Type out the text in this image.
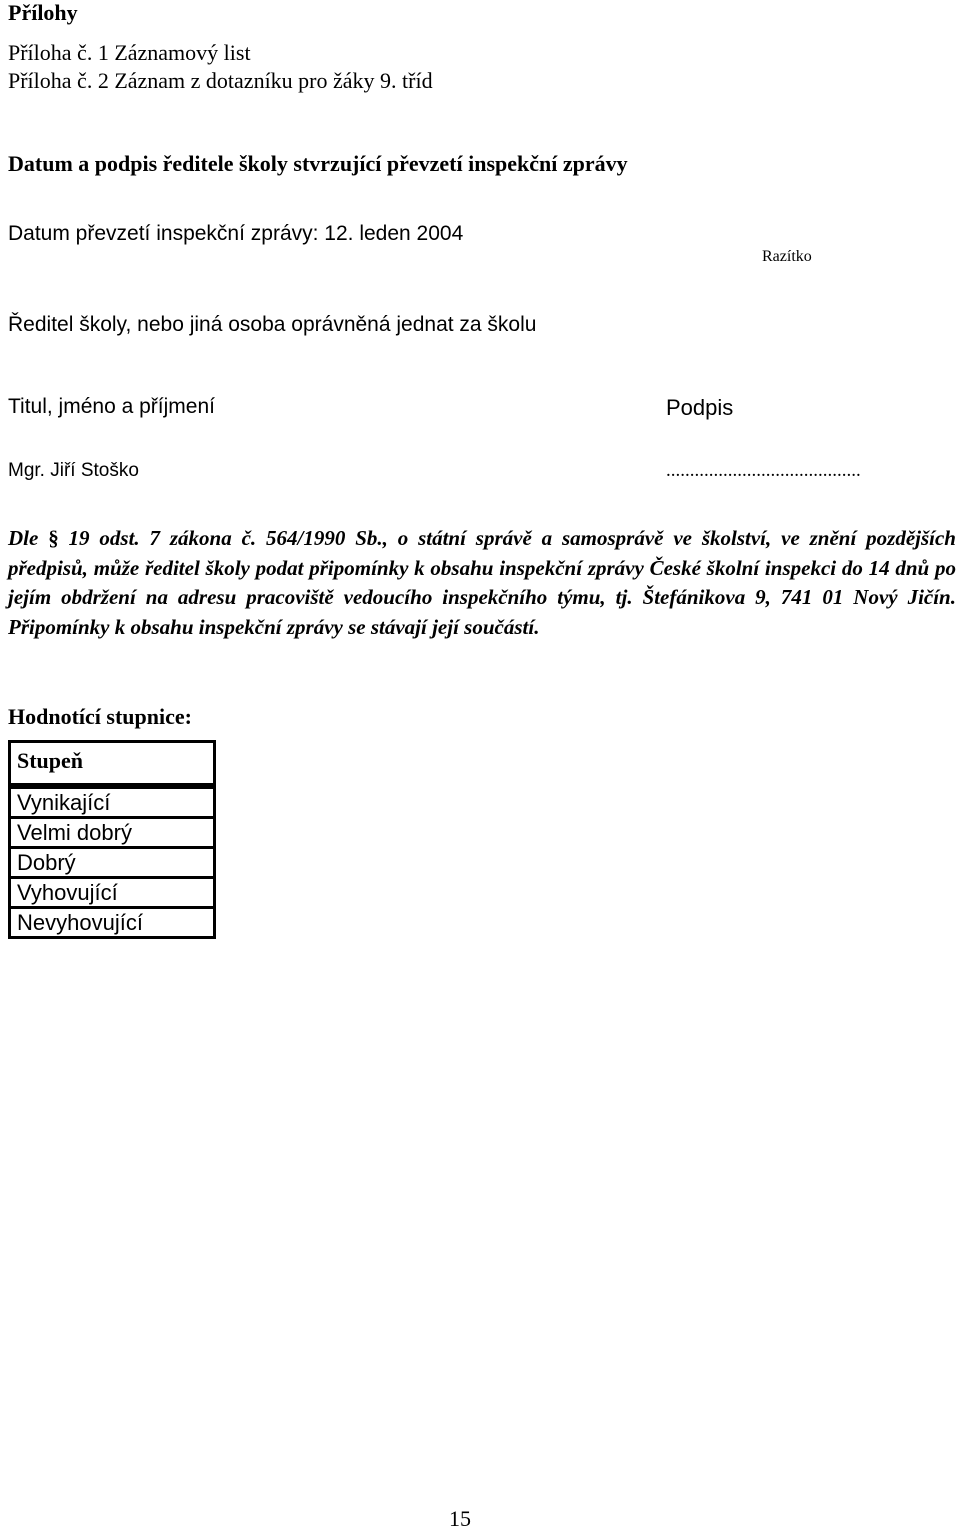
Přílohy
Příloha č. 1 Záznamový list
Příloha č. 2 Záznam z dotazníku pro žáky 9. tříd
Datum a podpis ředitele školy stvrzující převzetí inspekční zprávy
Datum převzetí inspekční zprávy: 12. leden 2004
Razítko
Ředitel školy, nebo jiná osoba oprávněná jednat za školu
Titul, jméno a příjmení	Podpis
Mgr. Jiří Stoško	.........................................

Dle § 19 odst. 7 zákona č. 564/1990 Sb., o státní správě a samosprávě ve školství, ve znění pozdějších předpisů, může ředitel školy podat připomínky k obsahu inspekční zprávy České školní inspekci do 14 dnů po jejím obdržení na adresu pracoviště vedoucího inspekčního týmu, tj. Štefánikova 9, 741 01 Nový Jičín. Připomínky k obsahu inspekční zprávy se stávají její součástí.

Hodnotící stupnice:
Stupeň
Vynikající
Velmi dobrý
Dobrý
Vyhovující
Nevyhovující
15
